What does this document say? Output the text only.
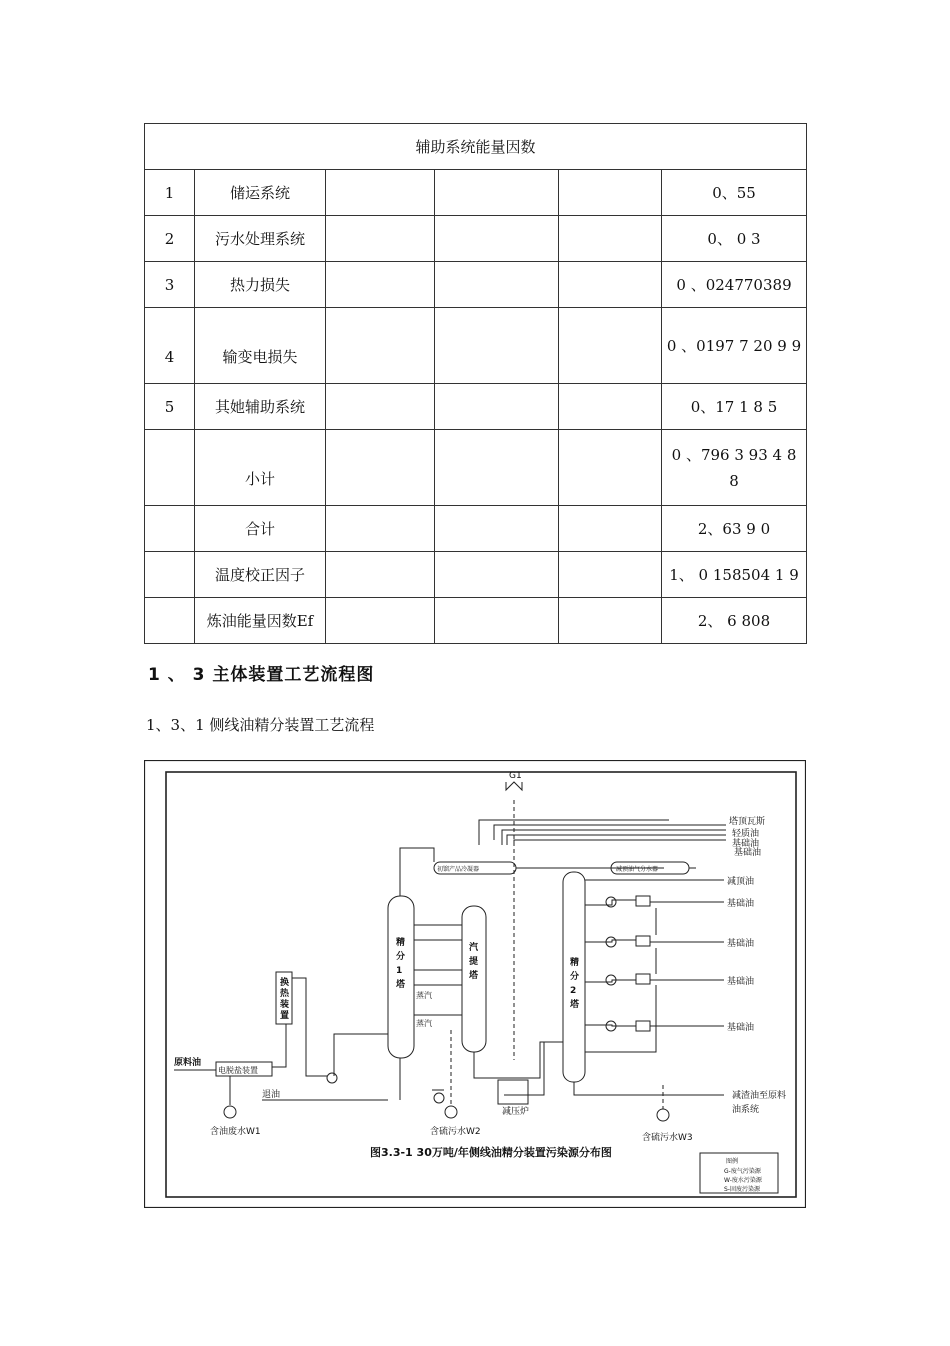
辅助系统能量因数					
1	储运系统				0、55
2	污水处理系统				0、 0 3
3	热力损失				0 、024770389
4	输变电损失				0 、0197 7 20 9 9
5	其她辅助系统				0、17 1 8 5
	小计				0 、796 3 93 4 8 8
	合计				2、63 9 0
	温度校正因子				1、 0 158504 1 9
	炼油能量因数Ef				2、 6 808
1 、 3 主体装置工艺流程图
1、3、1 侧线油精分装置工艺流程
G1
初馏产品冷凝器	减顶油气分水器
塔顶瓦斯
轻质油
基础油
基础油
减顶油
基础油
基础油
基础油
基础油
减渣油至原料
油系统
蒸汽
蒸汽
原料油
退油
电脱盐装置
含油废水W1	含硫污水W2
含硫污水W3
减压炉
图3.3-1 30万吨/年侧线油精分装置污染源分布图
图例
G-废气污染源
W-废水污染源
S-固废污染源
精分 1 塔
汽提塔
精分 2 塔
换热装置
